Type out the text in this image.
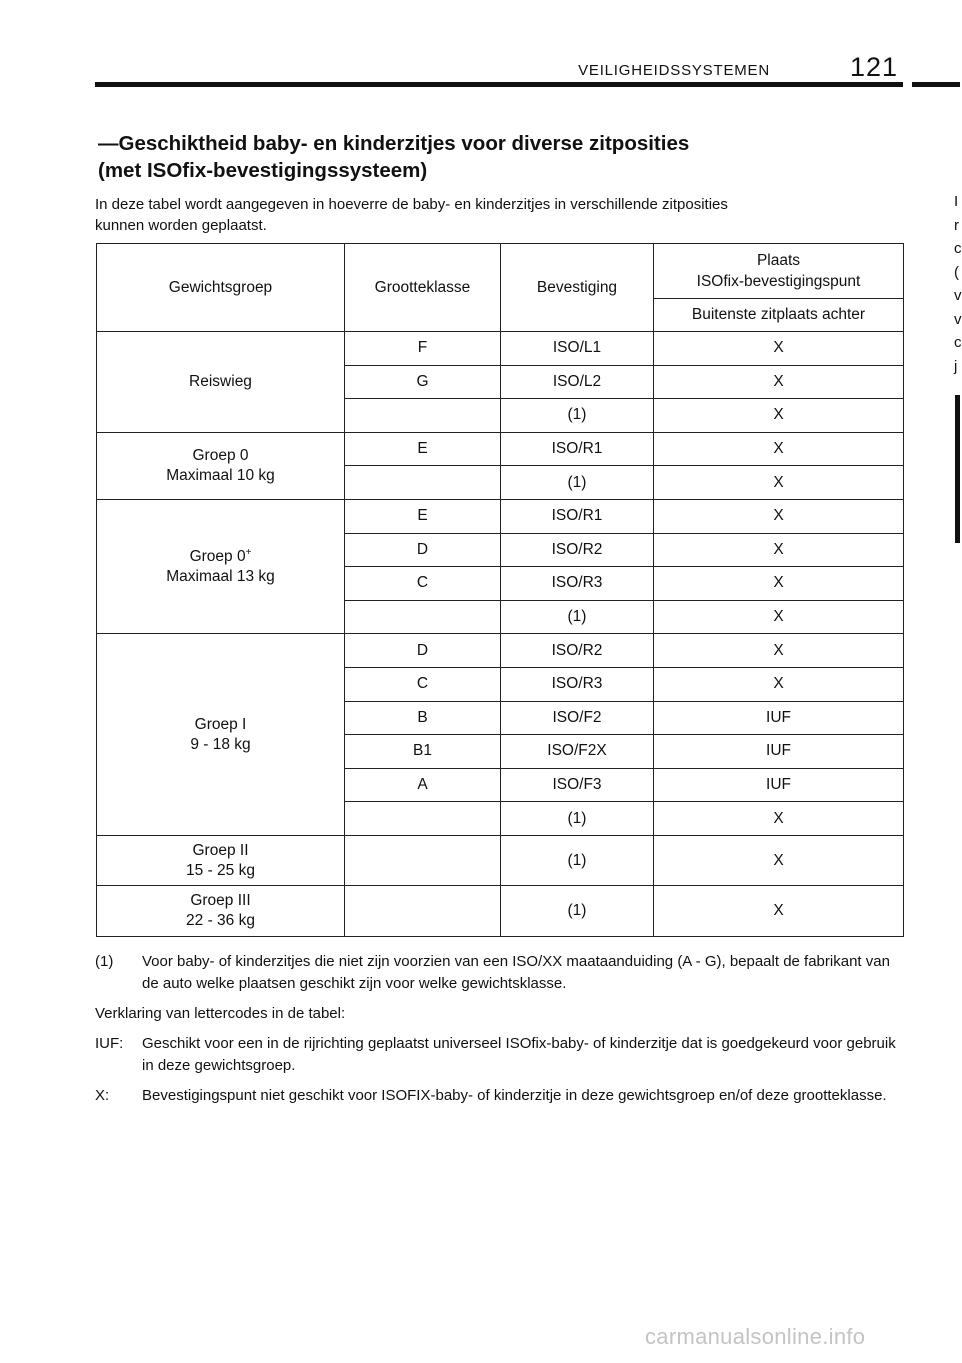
VEILIGHEIDSSYSTEMEN	121
I
r
c
(
v
v
c
j
—Geschiktheid baby- en kinderzitjes voor diverse zitposities
(met ISOfix-bevestigingssysteem)
In deze tabel wordt aangegeven in hoeverre de baby- en kinderzitjes in verschillende zitposities
kunnen worden geplaatst.
Gewichtsgroep	Grootteklasse	Bevestiging	Plaats
ISOfix-bevestigingspunt

			Buitenste zitplaats achter

Reiswieg	F	ISO/L1	X
	G	ISO/L2	X
		(1)	X

Groep 0
Maximaal 10 kg	E	ISO/R1	X
		(1)	X

Groep 0+
Maximaal 13 kg	E	ISO/R1	X
	D	ISO/R2	X
	C	ISO/R3	X
		(1)	X

Groep I
9 - 18 kg	D	ISO/R2	X
	C	ISO/R3	X
	B	ISO/F2	IUF
	B1	ISO/F2X	IUF
	A	ISO/F3	IUF
		(1)	X

Groep II
15 - 25 kg		(1)	X

Groep III
22 - 36 kg		(1)	X
(1)	Voor baby- of kinderzitjes die niet zijn voorzien van een ISO/XX maataanduiding (A - G), bepaalt de fabrikant van de auto welke plaatsen geschikt zijn voor welke gewichtsklasse.
Verklaring van lettercodes in de tabel:
IUF:	Geschikt voor een in de rijrichting geplaatst universeel ISOfix-baby- of kinderzitje dat is goedgekeurd voor gebruik in deze gewichtsgroep.
X:	Bevestigingspunt niet geschikt voor ISOFIX-baby- of kinderzitje in deze gewichtsgroep en/of deze grootteklasse.
carmanualsonline.info
